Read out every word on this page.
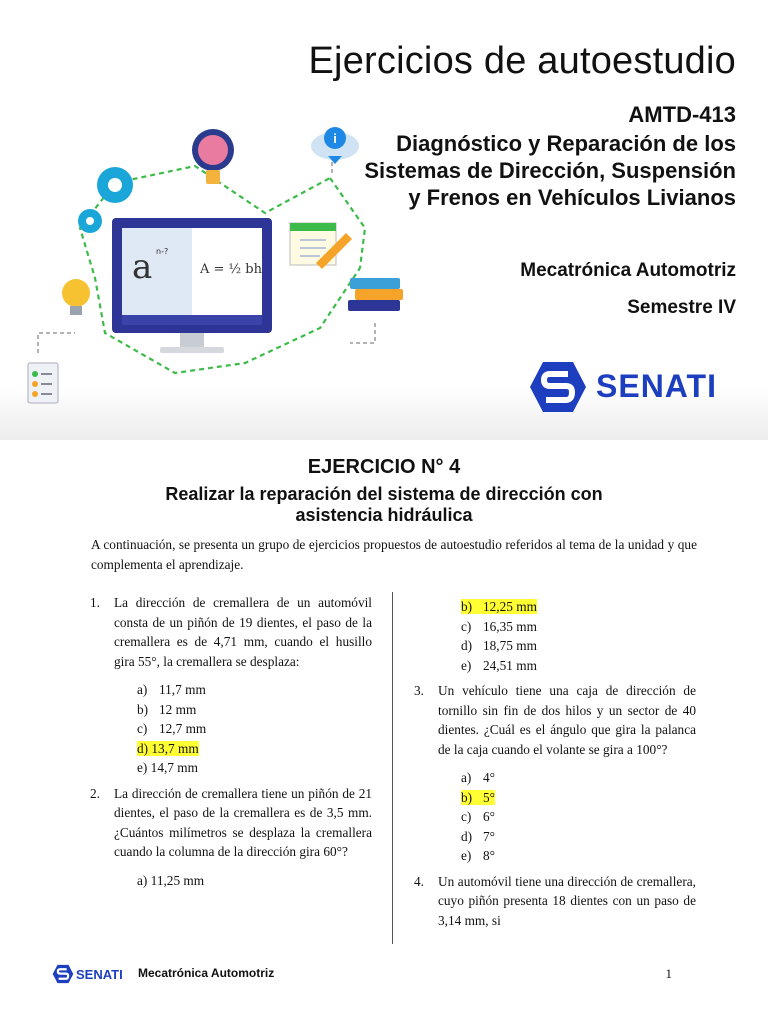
i
a n-?
A = ½ bh
Ejercicios de autoestudio
AMTD-413
Diagnóstico y Reparación de los Sistemas de Dirección, Suspensión y Frenos en Vehículos Livianos
Mecatrónica Automotriz
Semestre IV
SENATI
EJERCICIO N° 4
Realizar la reparación del sistema de dirección con asistencia hidráulica
A continuación, se presenta un grupo de ejercicios propuestos de autoestudio referidos al tema de la unidad y que complementa el aprendizaje.
1.	La dirección de cremallera de un automóvil consta de un piñón de 19 dientes, el paso de la cremallera es de 4,71 mm, cuando el husillo gira 55°, la cremallera se desplaza:
a) 11,7 mm
b) 12 mm
c) 12,7 mm
d) 13,7 mm
e) 14,7 mm
2.	La dirección de cremallera tiene un piñón de 21 dientes, el paso de la cremallera es de 3,5 mm. ¿Cuántos milímetros se desplaza la cremallera cuando la columna de la dirección gira 60°?
a) 11,25 mm
b) 12,25 mm
c) 16,35 mm
d) 18,75 mm
e) 24,51 mm
3.	Un vehículo tiene una caja de dirección de tornillo sin fin de dos hilos y un sector de 40 dientes. ¿Cuál es el ángulo que gira la palanca de la caja cuando el volante se gira a 100°?
a) 4°
b) 5°
c) 6°
d) 7°
e) 8°
4.	Un automóvil tiene una dirección de cremallera, cuyo piñón presenta 18 dientes con un paso de 3,14 mm, si
SENATI Mecatrónica Automotriz	1
